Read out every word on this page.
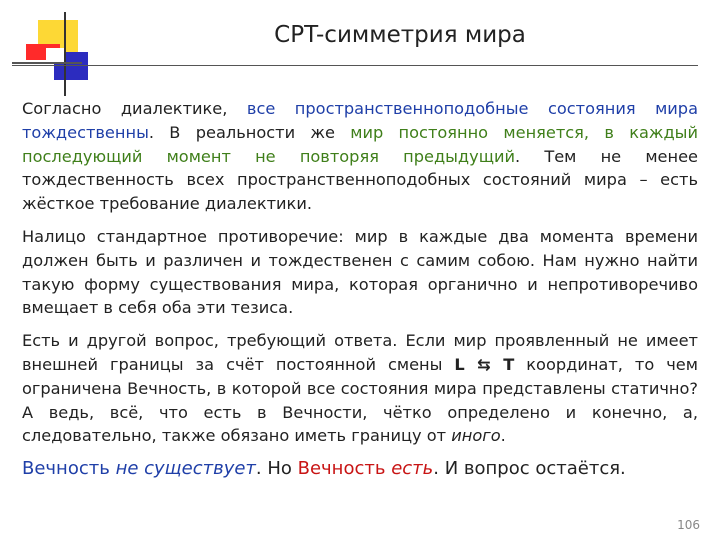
CPT-симметрия мира

Согласно диалектике, все пространственноподобные состояния мира тождественны. В реальности же мир постоянно меняется, в каждый последующий момент не повторяя предыдущий. Тем не менее тождественность всех пространственноподобных состояний мира – есть жёсткое требование диалектики.

Налицо стандартное противоречие: мир в каждые два момента времени должен быть и различен и тождественен с самим собою. Нам нужно найти такую форму существования мира, которая органично и непротиворечиво вмещает в себя оба эти тезиса.

Есть и другой вопрос, требующий ответа. Если мир проявленный не имеет внешней границы за счёт постоянной смены L ⇆ T координат, то чем ограничена Вечность, в которой все состояния мира представлены статично? А ведь, всё, что есть в Вечности, чётко определено и конечно, а, следовательно, также обязано иметь границу от иного.

Вечность не существует. Но Вечность есть. И вопрос остаётся.

106
